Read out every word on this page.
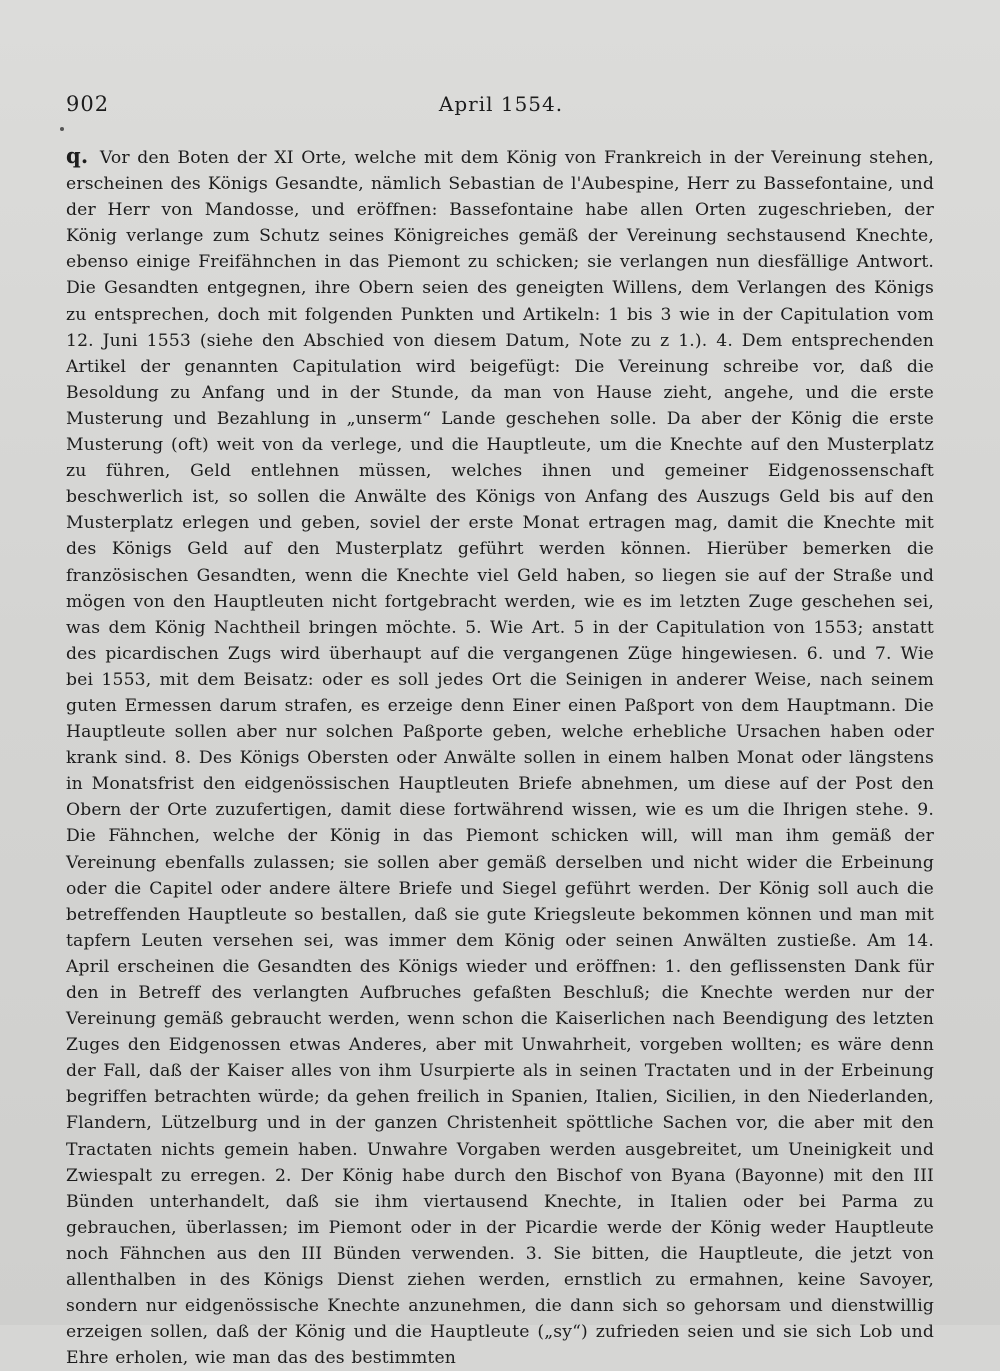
902	April 1554.

q. Vor den Boten der XI Orte, welche mit dem König von Frankreich in der Vereinung stehen, erscheinen des Königs Gesandte, nämlich Sebastian de l'Aubespine, Herr zu Bassefontaine, und der Herr von Mandosse, und eröffnen: Bassefontaine habe allen Orten zugeschrieben, der König verlange zum Schutz seines Königreiches gemäß der Vereinung sechstausend Knechte, ebenso einige Freifähnchen in das Piemont zu schicken; sie verlangen nun diesfällige Antwort. Die Gesandten entgegnen, ihre Obern seien des geneigten Willens, dem Verlangen des Königs zu entsprechen, doch mit folgenden Punkten und Artikeln: 1 bis 3 wie in der Capitulation vom 12. Juni 1553 (siehe den Abschied von diesem Datum, Note zu z 1.). 4. Dem entsprechenden Artikel der genannten Capitulation wird beigefügt: Die Vereinung schreibe vor, daß die Besoldung zu Anfang und in der Stunde, da man von Hause zieht, angehe, und die erste Musterung und Bezahlung in „unserm“ Lande geschehen solle. Da aber der König die erste Musterung (oft) weit von da verlege, und die Hauptleute, um die Knechte auf den Musterplatz zu führen, Geld entlehnen müssen, welches ihnen und gemeiner Eidgenossenschaft beschwerlich ist, so sollen die Anwälte des Königs von Anfang des Auszugs Geld bis auf den Musterplatz erlegen und geben, soviel der erste Monat ertragen mag, damit die Knechte mit des Königs Geld auf den Musterplatz geführt werden können. Hierüber bemerken die französischen Gesandten, wenn die Knechte viel Geld haben, so liegen sie auf der Straße und mögen von den Hauptleuten nicht fortgebracht werden, wie es im letzten Zuge geschehen sei, was dem König Nachtheil bringen möchte. 5. Wie Art. 5 in der Capitulation von 1553; anstatt des picardischen Zugs wird überhaupt auf die vergangenen Züge hingewiesen. 6. und 7. Wie bei 1553, mit dem Beisatz: oder es soll jedes Ort die Seinigen in anderer Weise, nach seinem guten Ermessen darum strafen, es erzeige denn Einer einen Paßport von dem Hauptmann. Die Hauptleute sollen aber nur solchen Paßporte geben, welche erhebliche Ursachen haben oder krank sind. 8. Des Königs Obersten oder Anwälte sollen in einem halben Monat oder längstens in Monatsfrist den eidgenössischen Hauptleuten Briefe abnehmen, um diese auf der Post den Obern der Orte zuzufertigen, damit diese fortwährend wissen, wie es um die Ihrigen stehe. 9. Die Fähnchen, welche der König in das Piemont schicken will, will man ihm gemäß der Vereinung ebenfalls zulassen; sie sollen aber gemäß derselben und nicht wider die Erbeinung oder die Capitel oder andere ältere Briefe und Siegel geführt werden. Der König soll auch die betreffenden Hauptleute so bestallen, daß sie gute Kriegsleute bekommen können und man mit tapfern Leuten versehen sei, was immer dem König oder seinen Anwälten zustieße. Am 14. April erscheinen die Gesandten des Königs wieder und eröffnen: 1. den geflissensten Dank für den in Betreff des verlangten Aufbruches gefaßten Beschluß; die Knechte werden nur der Vereinung gemäß gebraucht werden, wenn schon die Kaiserlichen nach Beendigung des letzten Zuges den Eidgenossen etwas Anderes, aber mit Unwahrheit, vorgeben wollten; es wäre denn der Fall, daß der Kaiser alles von ihm Usurpierte als in seinen Tractaten und in der Erbeinung begriffen betrachten würde; da gehen freilich in Spanien, Italien, Sicilien, in den Niederlanden, Flandern, Lützelburg und in der ganzen Christenheit spöttliche Sachen vor, die aber mit den Tractaten nichts gemein haben. Unwahre Vorgaben werden ausgebreitet, um Uneinigkeit und Zwiespalt zu erregen. 2. Der König habe durch den Bischof von Byana (Bayonne) mit den III Bünden unterhandelt, daß sie ihm viertausend Knechte, in Italien oder bei Parma zu gebrauchen, überlassen; im Piemont oder in der Picardie werde der König weder Hauptleute noch Fähnchen aus den III Bünden verwenden. 3. Sie bitten, die Hauptleute, die jetzt von allenthalben in des Königs Dienst ziehen werden, ernstlich zu ermahnen, keine Savoyer, sondern nur eidgenössische Knechte anzunehmen, die dann sich so gehorsam und dienstwillig erzeigen sollen, daß der König und die Hauptleute („sy“) zufrieden seien und sie sich Lob und Ehre erholen, wie man das des bestimmten
